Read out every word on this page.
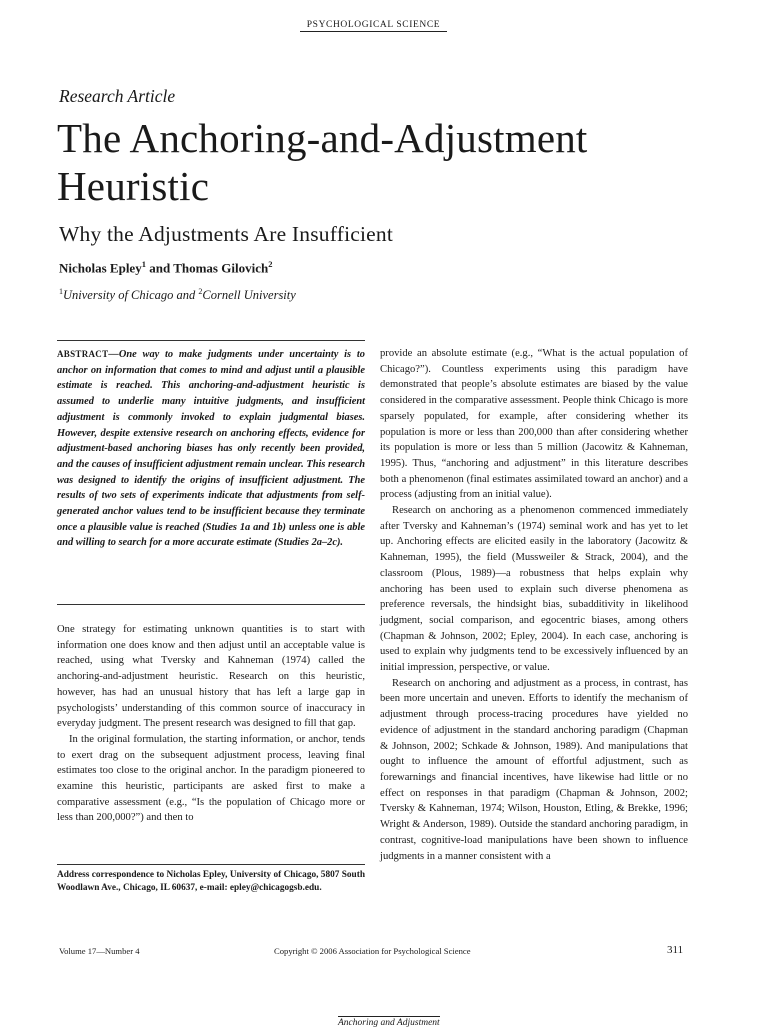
PSYCHOLOGICAL SCIENCE
Research Article
The Anchoring-and-Adjustment Heuristic
Why the Adjustments Are Insufficient
Nicholas Epley$^1$ and Thomas Gilovich$^2$
$^1$University of Chicago and $^2$Cornell University

ABSTRACT—One way to make judgments under uncertainty is to anchor on information that comes to mind and adjust until a plausible estimate is reached. This anchoring-and-adjustment heuristic is assumed to underlie many intuitive judgments, and insufficient adjustment is commonly invoked to explain judgmental biases. However, despite extensive research on anchoring effects, evidence for adjustment-based anchoring biases has only recently been provided, and the causes of insufficient adjustment remain unclear. This research was designed to identify the origins of insufficient adjustment. The results of two sets of experiments indicate that adjustments from self-generated anchor values tend to be insufficient because they terminate once a plausible value is reached (Studies 1a and 1b) unless one is able and willing to search for a more accurate estimate (Studies 2a–2c).

One strategy for estimating unknown quantities is to start with information one does know and then adjust until an acceptable value is reached, using what Tversky and Kahneman (1974) called the anchoring-and-adjustment heuristic. Research on this heuristic, however, has had an unusual history that has left a large gap in psychologists’ understanding of this common source of inaccuracy in everyday judgment. The present research was designed to fill that gap.

In the original formulation, the starting information, or anchor, tends to exert drag on the subsequent adjustment process, leaving final estimates too close to the original anchor. In the paradigm pioneered to examine this heuristic, participants are asked first to make a comparative assessment (e.g., “Is the population of Chicago more or less than 200,000?”) and then to

provide an absolute estimate (e.g., “What is the actual population of Chicago?”). Countless experiments using this paradigm have demonstrated that people’s absolute estimates are biased by the value considered in the comparative assessment. People think Chicago is more sparsely populated, for example, after considering whether its population is more or less than 200,000 than after considering whether its population is more or less than 5 million (Jacowitz & Kahneman, 1995). Thus, “anchoring and adjustment” in this literature describes both a phenomenon (final estimates assimilated toward an anchor) and a process (adjusting from an initial value).

Research on anchoring as a phenomenon commenced immediately after Tversky and Kahneman’s (1974) seminal work and has yet to let up. Anchoring effects are elicited easily in the laboratory (Jacowitz & Kahneman, 1995), the field (Mussweiler & Strack, 2004), and the classroom (Plous, 1989)—a robustness that helps explain why anchoring has been used to explain such diverse phenomena as preference reversals, the hindsight bias, subadditivity in likelihood judgment, social comparison, and egocentric biases, among others (Chapman & Johnson, 2002; Epley, 2004). In each case, anchoring is used to explain why judgments tend to be excessively influenced by an initial impression, perspective, or value.

Research on anchoring and adjustment as a process, in contrast, has been more uncertain and uneven. Efforts to identify the mechanism of adjustment through process-tracing procedures have yielded no evidence of adjustment in the standard anchoring paradigm (Chapman & Johnson, 2002; Schkade & Johnson, 1989). And manipulations that ought to influence the amount of effortful adjustment, such as forewarnings and financial incentives, have likewise had little or no effect on responses in that paradigm (Chapman & Johnson, 2002; Tversky & Kahneman, 1974; Wilson, Houston, Etling, & Brekke, 1996; Wright & Anderson, 1989). Outside the standard anchoring paradigm, in contrast, cognitive-load manipulations have been shown to influence judgments in a manner consistent with a

Address correspondence to Nicholas Epley, University of Chicago, 5807 South Woodlawn Ave., Chicago, IL 60637, e-mail: epley@chicagogsb.edu.

Volume 17—Number 4	Copyright © 2006 Association for Psychological Science	311
Anchoring and Adjustment
